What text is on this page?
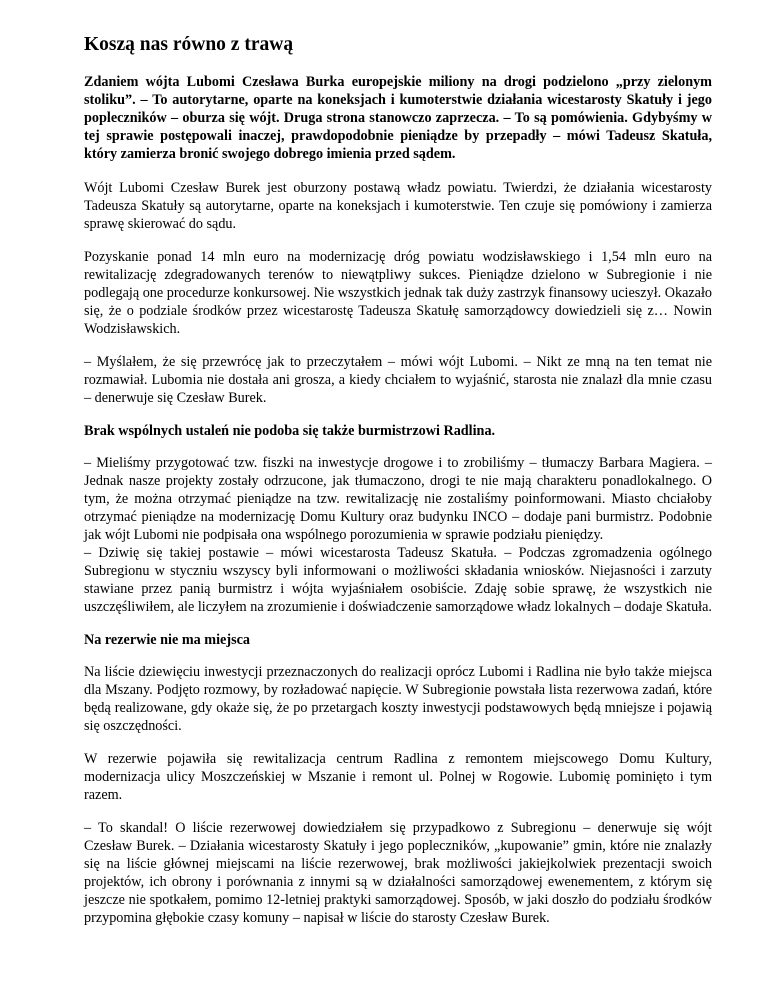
Koszą nas równo z trawą

Zdaniem wójta Lubomi Czesława Burka europejskie miliony na drogi podzielono „przy zielonym stoliku”. – To autorytarne, oparte na koneksjach i kumoterstwie działania wicestarosty Skatuły i jego popleczników – oburza się wójt. Druga strona stanowczo zaprzecza. – To są pomówienia. Gdybyśmy w tej sprawie postępowali inaczej, prawdopodobnie pieniądze by przepadły – mówi Tadeusz Skatuła, który zamierza bronić swojego dobrego imienia przed sądem.

Wójt Lubomi Czesław Burek jest oburzony postawą władz powiatu. Twierdzi, że działania wicestarosty Tadeusza Skatuły są autorytarne, oparte na koneksjach i kumoterstwie. Ten czuje się pomówiony i zamierza sprawę skierować do sądu.

Pozyskanie ponad 14 mln euro na modernizację dróg powiatu wodzisławskiego i 1,54 mln euro na rewitalizację zdegradowanych terenów to niewątpliwy sukces. Pieniądze dzielono w Subregionie i nie podlegają one procedurze konkursowej. Nie wszystkich jednak tak duży zastrzyk finansowy ucieszył. Okazało się, że o podziale środków przez wicestarostę Tadeusza Skatułę samorządowcy dowiedzieli się z… Nowin Wodzisławskich.

– Myślałem, że się przewrócę jak to przeczytałem – mówi wójt Lubomi. – Nikt ze mną na ten temat nie rozmawiał. Lubomia nie dostała ani grosza, a kiedy chciałem to wyjaśnić, starosta nie znalazł dla mnie czasu – denerwuje się Czesław Burek.

Brak wspólnych ustaleń nie podoba się także burmistrzowi Radlina.

– Mieliśmy przygotować tzw. fiszki na inwestycje drogowe i to zrobiliśmy – tłumaczy Barbara Magiera. – Jednak nasze projekty zostały odrzucone, jak tłumaczono, drogi te nie mają charakteru ponadlokalnego. O tym, że można otrzymać pieniądze na tzw. rewitalizację nie zostaliśmy poinformowani. Miasto chciałoby otrzymać pieniądze na modernizację Domu Kultury oraz budynku INCO – dodaje pani burmistrz. Podobnie jak wójt Lubomi nie podpisała ona wspólnego porozumienia w sprawie podziału pieniędzy.

– Dziwię się takiej postawie – mówi wicestarosta Tadeusz Skatuła. – Podczas zgromadzenia ogólnego Subregionu w styczniu wszyscy byli informowani o możliwości składania wniosków. Niejasności i zarzuty stawiane przez panią burmistrz i wójta wyjaśniałem osobiście. Zdaję sobie sprawę, że wszystkich nie uszczęśliwiłem, ale liczyłem na zrozumienie i doświadczenie samorządowe władz lokalnych – dodaje Skatuła.

Na rezerwie nie ma miejsca

Na liście dziewięciu inwestycji przeznaczonych do realizacji oprócz Lubomi i Radlina nie było także miejsca dla Mszany. Podjęto rozmowy, by rozładować napięcie. W Subregionie powstała lista rezerwowa zadań, które będą realizowane, gdy okaże się, że po przetargach koszty inwestycji podstawowych będą mniejsze i pojawią się oszczędności.

W rezerwie pojawiła się rewitalizacja centrum Radlina z remontem miejscowego Domu Kultury, modernizacja ulicy Moszczeńskiej w Mszanie i remont ul. Polnej w Rogowie. Lubomię pominięto i tym razem.

– To skandal! O liście rezerwowej dowiedziałem się przypadkowo z Subregionu – denerwuje się wójt Czesław Burek. – Działania wicestarosty Skatuły i jego popleczników, „kupowanie” gmin, które nie znalazły się na liście głównej miejscami na liście rezerwowej, brak możliwości jakiejkolwiek prezentacji swoich projektów, ich obrony i porównania z innymi są w działalności samorządowej ewenementem, z którym się jeszcze nie spotkałem, pomimo 12-letniej praktyki samorządowej. Sposób, w jaki doszło do podziału środków przypomina głębokie czasy komuny – napisał w liście do starosty Czesław Burek.
